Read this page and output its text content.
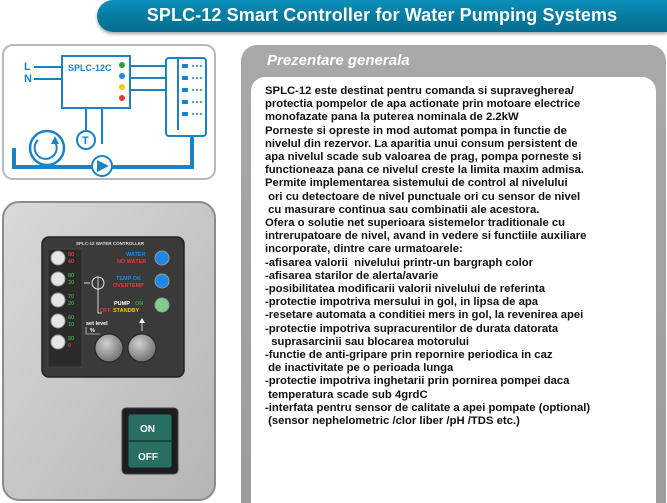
SPLC-12 Smart Controller for Water Pumping Systems
L
N
SPLC-12C
T
SPLC-12 WATER CONTROLLER
90
40
80
30
70
20
60
10
50
0
WATER
NO WATER
TEMP OK
OVERTEMP
PUMP ON
OFF STANDBY
set level
%
ON
OFF
Prezentare generala
SPLC-12 este destinat pentru comanda si supravegherea/
protectia pompelor de apa actionate prin motoare electrice
monofazate pana la puterea nominala de 2.2kW
Porneste si opreste in mod automat pompa in functie de
nivelul din rezervor. La aparitia unui consum persistent de
apa nivelul scade sub valoarea de prag, pompa porneste si
functioneaza pana ce nivelul creste la limita maxim admisa.
Permite implementarea sistemului de control al nivelului
ori cu detectoare de nivel punctuale ori cu sensor de nivel
cu masurare continua sau combinatii ale acestora.
Ofera o solutie net superioara sistemelor traditionale cu
intrerupatoare de nivel, avand in vedere si functiile auxiliare
incorporate, dintre care urmatoarele:
-afisarea valorii  nivelului printr-un bargraph color
-afisarea starilor de alerta/avarie
-posibilitatea modificarii valorii nivelului de referinta
-protectie impotriva mersului in gol, in lipsa de apa
-resetare automata a conditiei mers in gol, la revenirea apei
-protectie impotriva supracurentilor de durata datorata
suprasarcinii sau blocarea motorului
-functie de anti-gripare prin repornire periodica in caz
de inactivitate pe o perioada lunga
-protectie impotriva inghetarii prin pornirea pompei daca
temperatura scade sub 4grdC
-interfata pentru sensor de calitate a apei pompate (optional)
(sensor nephelometric /clor liber /pH /TDS etc.)
